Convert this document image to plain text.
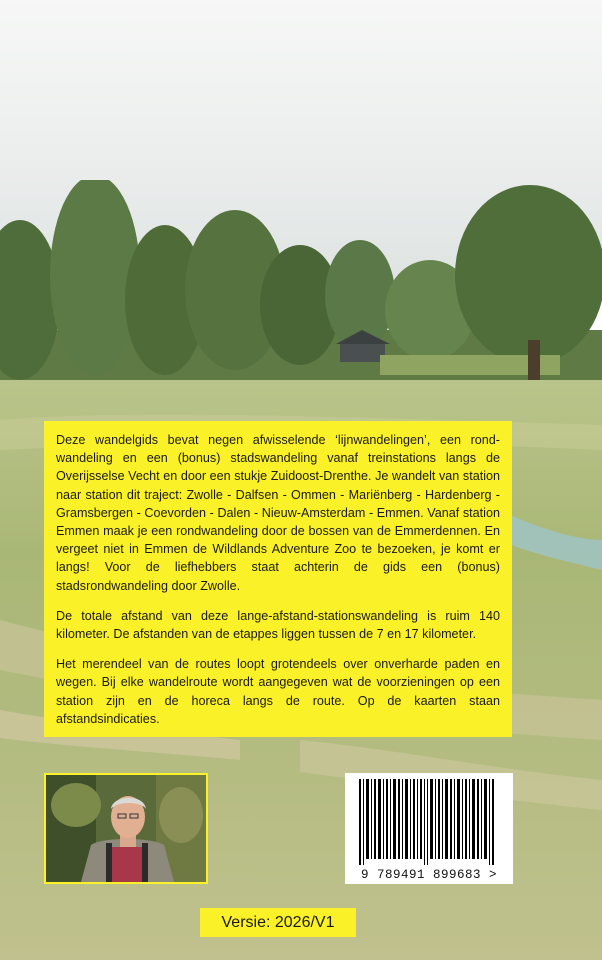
Deze wandelgids bevat negen afwisselende ‘lijnwandelingen’, een rondwandeling en een (bonus) stadswandeling vanaf treinstations langs de Overijsselse Vecht en door een stukje Zuidoost-Drenthe. Je wandelt van station naar station dit traject: Zwolle - Dalfsen - Ommen - Mariënberg - Hardenberg - Gramsbergen - Coevorden - Dalen - Nieuw-Amsterdam - Emmen. Vanaf station Emmen maak je een rondwandeling door de bossen van de Emmerdennen. En vergeet niet in Emmen de Wildlands Adventure Zoo te bezoeken, je komt er langs! Voor de liefhebbers staat achterin de gids een (bonus) stadsrondwandeling door Zwolle.

De totale afstand van deze lange-afstand-stationswandeling is ruim 140 kilometer. De afstanden van de etappes liggen tussen de 7 en 17 kilometer.

Het merendeel van de routes loopt grotendeels over onverharde paden en wegen. Bij elke wandelroute wordt aangegeven wat de voorzieningen op een station zijn en de horeca langs de route. Op de kaarten staan afstandsindicaties.

9 789491 899683 >
Versie: 2026/V1
